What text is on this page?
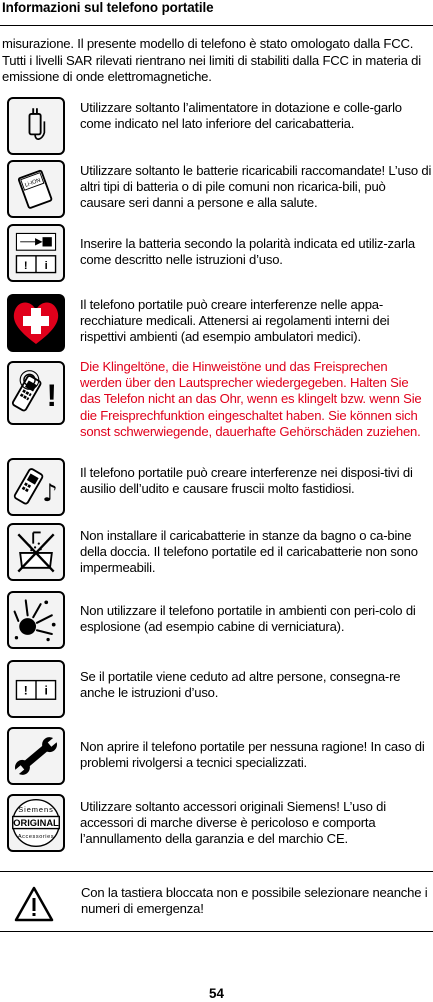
Informazioni sul telefono portatile
misurazione. Il presente modello di telefono è stato omologato dalla FCC. Tutti i livelli SAR rilevati rientrano nei limiti di stabiliti dalla FCC in materia di emissione di onde elettromagnetiche.
Utilizzare soltanto l’alimentatore in dotazione e colle-garlo come indicato nel lato inferiore del caricabatteria.
Li-ION
Utilizzare soltanto le batterie ricaricabili raccomandate! L’uso di altri tipi di batteria o di pile comuni non ricarica-bili, può causare seri danni a persone e alla salute.
! i
Inserire la batteria secondo la polarità indicata ed utiliz-zarla come descritto nelle istruzioni d’uso.
Il telefono portatile può creare interferenze nelle appa-recchiature medicali. Attenersi ai regolamenti interni dei rispettivi ambienti (ad esempio ambulatori medici).
!
Die Klingeltöne, die Hinweistöne und das Freisprechen werden über den Lautsprecher wiedergegeben. Halten Sie das Telefon nicht an das Ohr, wenn es klingelt bzw. wenn Sie die Freisprechfunktion eingeschaltet haben. Sie können sich sonst schwerwiegende, dauerhafte Gehörschäden zuziehen.
♪
Il telefono portatile può creare interferenze nei disposi-tivi di ausilio dell’udito e causare fruscii molto fastidiosi.
Non installare il caricabatterie in stanze da bagno o ca-bine della doccia. Il telefono portatile ed il caricabatterie non sono impermeabili.
Non utilizzare il telefono portatile in ambienti con peri-colo di esplosione (ad esempio cabine di verniciatura).
! i
Se il portatile viene ceduto ad altre persone, consegna-re anche le istruzioni d’uso.
Non aprire il telefono portatile per nessuna ragione! In caso di problemi rivolgersi a tecnici specializzati.
Siemens
ORIGINAL
Accessories
Utilizzare soltanto accessori originali Siemens! L’uso di accessori di marche diverse è pericoloso e comporta l’annullamento della garanzia e del marchio CE.
Con la tastiera bloccata non e possibile selezionare neanche i numeri di emergenza!
54
